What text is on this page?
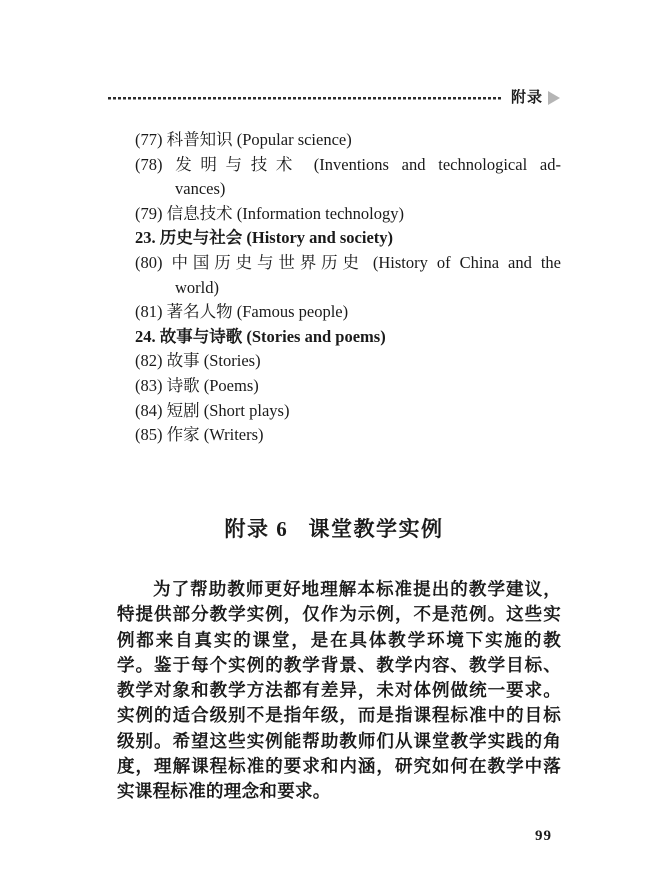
附录
(77) 科普知识 (Popular science)
(78) 发明与技术 (Inventions and technological ad-
vances)
(79) 信息技术 (Information technology)
23. 历史与社会 (History and society)
(80) 中国历史与世界历史 (History of China and the
world)
(81) 著名人物 (Famous people)
24. 故事与诗歌 (Stories and poems)
(82) 故事 (Stories)
(83) 诗歌 (Poems)
(84) 短剧 (Short plays)
(85) 作家 (Writers)
附录 6   课堂教学实例

为了帮助教师更好地理解本标准提出的教学建议，特提供部分教学实例，仅作为示例，不是范例。这些实例都来自真实的课堂，是在具体教学环境下实施的教学。鉴于每个实例的教学背景、教学内容、教学目标、教学对象和教学方法都有差异，未对体例做统一要求。实例的适合级别不是指年级，而是指课程标准中的目标级别。希望这些实例能帮助教师们从课堂教学实践的角度，理解课程标准的要求和内涵，研究如何在教学中落实课程标准的理念和要求。

99
